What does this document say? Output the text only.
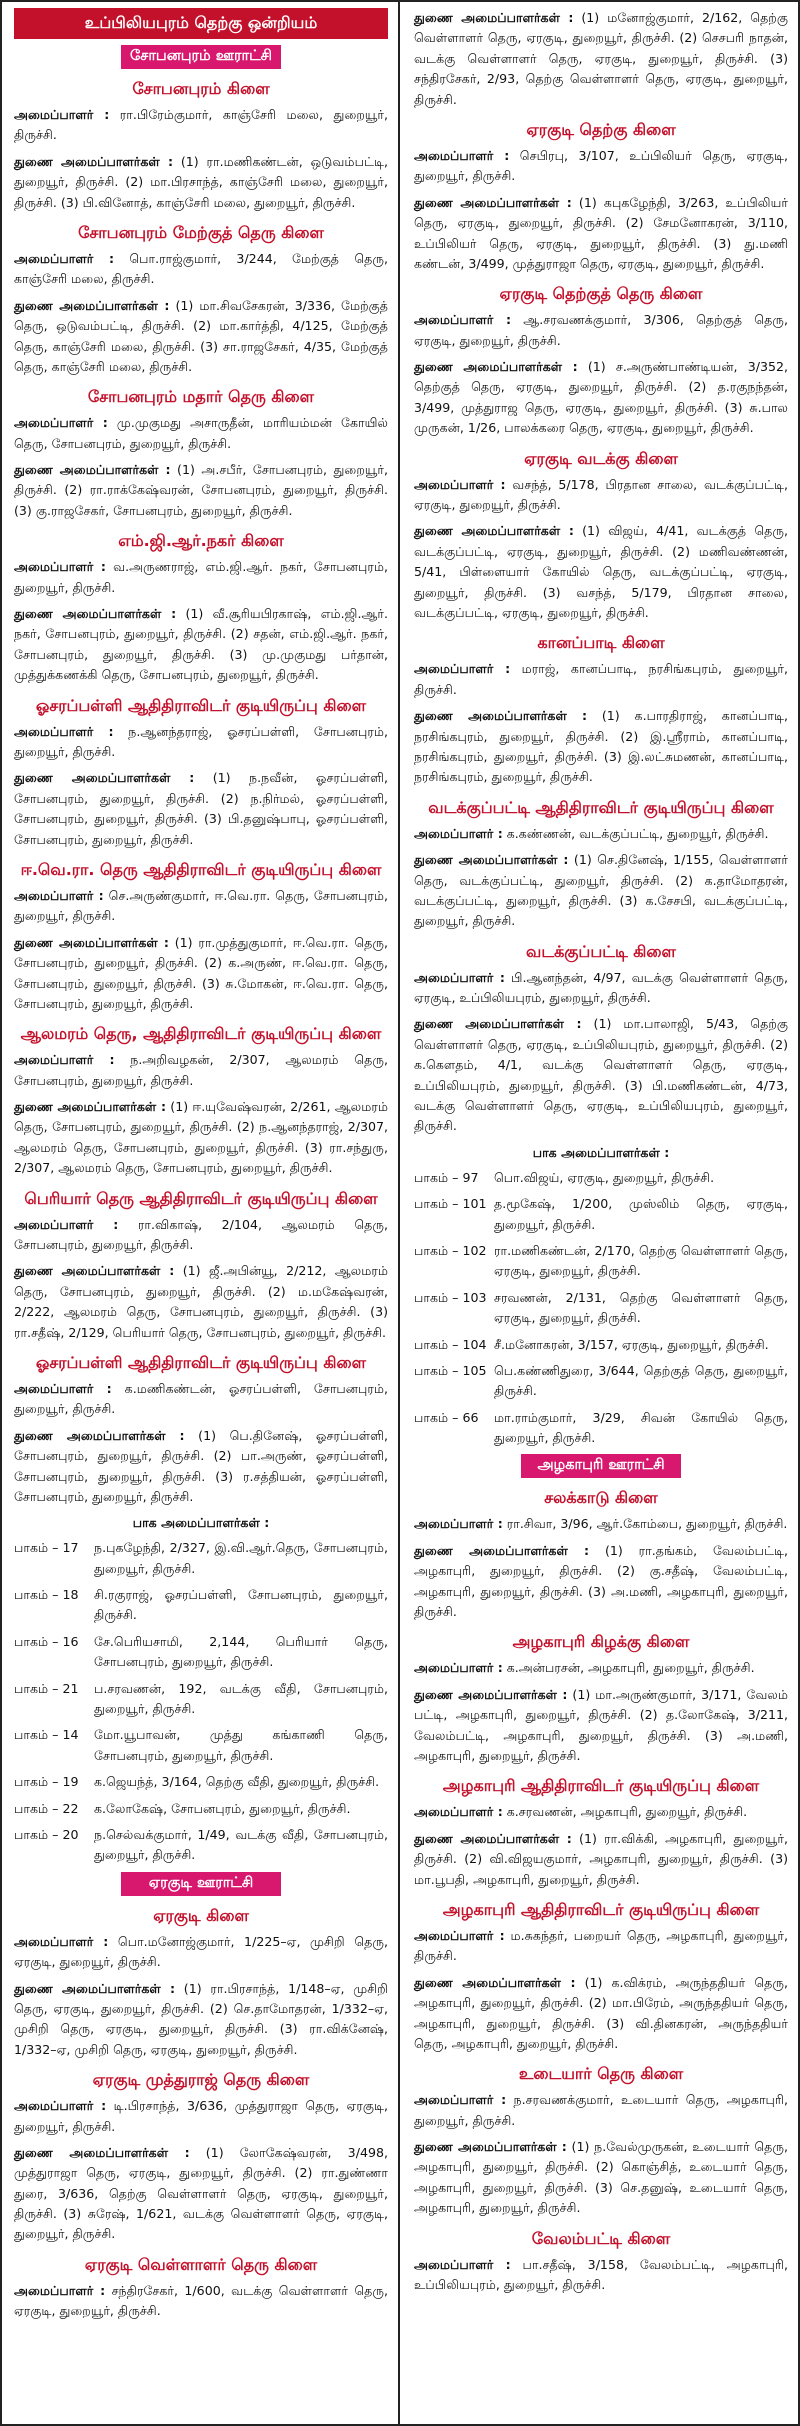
உப்பிலியபுரம் தெற்கு ஒன்றியம்
சோபனபுரம் ஊராட்சி
சோபனபுரம் கிளை
அமைப்பாளர் : ரா.பிரேம்குமார், காஞ்சேரி மலை, துறையூர், திருச்சி.
துணை அமைப்பாளர்கள் : (1) ரா.மணிகண்டன், ஒடுவம்பட்டி, துறையூர், திருச்சி. (2) மா.பிரசாந்த், காஞ்சேரி மலை, துறையூர், திருச்சி. (3) பி.வினோத், காஞ்சேரி மலை, துறையூர், திருச்சி.
சோபனபுரம் மேற்குத் தெரு கிளை
அமைப்பாளர் : பொ.ராஜ்குமார், 3/244, மேற்குத் தெரு, காஞ்சேரி மலை, திருச்சி.
துணை அமைப்பாளர்கள் : (1) மா.சிவசேகரன், 3/336, மேற்குத் தெரு, ஒடுவம்பட்டி, திருச்சி. (2) மா.கார்த்தி, 4/125, மேற்குத் தெரு, காஞ்சேரி மலை, திருச்சி. (3) சா.ராஜசேகர், 4/35, மேற்குத் தெரு, காஞ்சேரி மலை, திருச்சி.
சோபனபுரம் மதார் தெரு கிளை
அமைப்பாளர் : மு.முகுமது அசாருதீன், மாரியம்மன் கோயில் தெரு, சோபனபுரம், துறையூர், திருச்சி.
துணை அமைப்பாளர்கள் : (1) அ.சபீர், சோபனபுரம், துறையூர், திருச்சி. (2) ரா.ராக்கேஷ்வரன், சோபனபுரம், துறையூர், திருச்சி. (3) கு.ராஜசேகர், சோபனபுரம், துறையூர், திருச்சி.
எம்.ஜி.ஆர்.நகர் கிளை
அமைப்பாளர் : வ.அருணராஜ், எம்.ஜி.ஆர். நகர், சோபனபுரம், துறையூர், திருச்சி.
துணை அமைப்பாளர்கள் : (1) வீ.சூரியபிரகாஷ், எம்.ஜி.ஆர். நகர், சோபனபுரம், துறையூர், திருச்சி. (2) சதன், எம்.ஜி.ஆர். நகர், சோபனபுரம், துறையூர், திருச்சி. (3) மு.முகுமது பர்தான், முத்துக்கணக்கி தெரு, சோபனபுரம், துறையூர், திருச்சி.
ஓசரப்பள்ளி ஆதிதிராவிடர் குடியிருப்பு கிளை
அமைப்பாளர் : ந.ஆனந்தராஜ், ஓசரப்பள்ளி, சோபனபுரம், துறையூர், திருச்சி.
துணை அமைப்பாளர்கள் : (1) ந.நவீன், ஓசரப்பள்ளி, சோபனபுரம், துறையூர், திருச்சி. (2) ந.நிர்மல், ஓசரப்பள்ளி, சோபனபுரம், துறையூர், திருச்சி. (3) பி.தனுஷ்பாபு, ஓசரப்பள்ளி, சோபனபுரம், துறையூர், திருச்சி.
ஈ.வெ.ரா. தெரு ஆதிதிராவிடர் குடியிருப்பு கிளை
அமைப்பாளர் : செ.அருண்குமார், ஈ.வெ.ரா. தெரு, சோபனபுரம், துறையூர், திருச்சி.
துணை அமைப்பாளர்கள் : (1) ரா.முத்துகுமார், ஈ.வெ.ரா. தெரு, சோபனபுரம், துறையூர், திருச்சி. (2) க.அருண், ஈ.வெ.ரா. தெரு, சோபனபுரம், துறையூர், திருச்சி. (3) சு.மோகன், ஈ.வெ.ரா. தெரு, சோபனபுரம், துறையூர், திருச்சி.
ஆலமரம் தெரு, ஆதிதிராவிடர் குடியிருப்பு கிளை
அமைப்பாளர் : ந.அறிவழகன், 2/307, ஆலமரம் தெரு, சோபனபுரம், துறையூர், திருச்சி.
துணை அமைப்பாளர்கள் : (1) ஈ.யுவேஷ்வரன், 2/261, ஆலமரம் தெரு, சோபனபுரம், துறையூர், திருச்சி. (2) ந.ஆனந்தராஜ், 2/307, ஆலமரம் தெரு, சோபனபுரம், துறையூர், திருச்சி. (3) ரா.சந்துரு, 2/307, ஆலமரம் தெரு, சோபனபுரம், துறையூர், திருச்சி.
பெரியார் தெரு ஆதிதிராவிடர் குடியிருப்பு கிளை
அமைப்பாளர் : ரா.விகாஷ், 2/104, ஆலமரம் தெரு, சோபனபுரம், துறையூர், திருச்சி.
துணை அமைப்பாளர்கள் : (1) ஜீ.அபின்யூ, 2/212, ஆலமரம் தெரு, சோபனபுரம், துறையூர், திருச்சி. (2) ம.மகேஷ்வரன், 2/222, ஆலமரம் தெரு, சோபனபுரம், துறையூர், திருச்சி. (3) ரா.சதீஷ், 2/129, பெரியார் தெரு, சோபனபுரம், துறையூர், திருச்சி.
ஓசரப்பள்ளி ஆதிதிராவிடர் குடியிருப்பு கிளை
அமைப்பாளர் : க.மணிகண்டன், ஓசரப்பள்ளி, சோபனபுரம், துறையூர், திருச்சி.
துணை அமைப்பாளர்கள் : (1) பெ.தினேஷ், ஓசரப்பள்ளி, சோபனபுரம், துறையூர், திருச்சி. (2) பா.அருண், ஓசரப்பள்ளி, சோபனபுரம், துறையூர், திருச்சி. (3) ர.சத்தியன், ஓசரப்பள்ளி, சோபனபுரம், துறையூர், திருச்சி.
பாக அமைப்பாளர்கள் :
பாகம் – 17	ந.புகழேந்தி, 2/327, இ.வி.ஆர்.தெரு, சோபனபுரம், துறையூர், திருச்சி.
பாகம் – 18	சி.ரகுராஜ், ஓசரப்பள்ளி, சோபனபுரம், துறையூர், திருச்சி.
பாகம் – 16	சே.பெரியசாமி, 2,144, பெரியார் தெரு, சோபனபுரம், துறையூர், திருச்சி.
பாகம் – 21	ப.சரவணன், 192, வடக்கு வீதி, சோபனபுரம், துறையூர், திருச்சி.
பாகம் – 14	மோ.யூபாவன், முத்து கங்காணி தெரு, சோபனபுரம், துறையூர், திருச்சி.
பாகம் – 19	க.ஜெயந்த், 3/164, தெற்கு வீதி, துறையூர், திருச்சி.
பாகம் – 22	க.லோகேஷ், சோபனபுரம், துறையூர், திருச்சி.
பாகம் – 20	ந.செல்வக்குமார், 1/49, வடக்கு வீதி, சோபனபுரம், துறையூர், திருச்சி.
ஏரகுடி ஊராட்சி
ஏரகுடி கிளை
அமைப்பாளர் : பொ.மனோஜ்குமார், 1/225–ஏ, முசிறி தெரு, ஏரகுடி, துறையூர், திருச்சி.
துணை அமைப்பாளர்கள் : (1) ரா.பிரசாந்த், 1/148–ஏ, முசிறி தெரு, ஏரகுடி, துறையூர், திருச்சி. (2) செ.தாமோதரன், 1/332–ஏ, முசிறி தெரு, ஏரகுடி, துறையூர், திருச்சி. (3) ரா.விக்னேஷ், 1/332–ஏ, முசிறி தெரு, ஏரகுடி, துறையூர், திருச்சி.
ஏரகுடி முத்துராஜ் தெரு கிளை
அமைப்பாளர் : டி.பிரசாந்த், 3/636, முத்துராஜா தெரு, ஏரகுடி, துறையூர், திருச்சி.
துணை அமைப்பாளர்கள் : (1) லோகேஷ்வரன், 3/498, முத்துராஜா தெரு, ஏரகுடி, துறையூர், திருச்சி. (2) ரா.துண்ணா துரை, 3/636, தெற்கு வெள்ளாளர் தெரு, ஏரகுடி, துறையூர், திருச்சி. (3) சுரேஷ், 1/621, வடக்கு வெள்ளாளர் தெரு, ஏரகுடி, துறையூர், திருச்சி.
ஏரகுடி வெள்ளாளர் தெரு கிளை
அமைப்பாளர் : சந்திரசேகர், 1/600, வடக்கு வெள்ளாளர் தெரு, ஏரகுடி, துறையூர், திருச்சி.
துணை அமைப்பாளர்கள் : (1) மனோஜ்குமார், 2/162, தெற்கு வெள்ளாளர் தெரு, ஏரகுடி, துறையூர், திருச்சி. (2) செசபரி நாதன், வடக்கு வெள்ளாளர் தெரு, ஏரகுடி, துறையூர், திருச்சி. (3) சந்திரசேகர், 2/93, தெற்கு வெள்ளாளர் தெரு, ஏரகுடி, துறையூர், திருச்சி.
ஏரகுடி தெற்கு கிளை
அமைப்பாளர் : செபிரபு, 3/107, உப்பிலியர் தெரு, ஏரகுடி, துறையூர், திருச்சி.
துணை அமைப்பாளர்கள் : (1) கபுகழேந்தி, 3/263, உப்பிலியர் தெரு, ஏரகுடி, துறையூர், திருச்சி. (2) சேமனோகரன், 3/110, உப்பிலியர் தெரு, ஏரகுடி, துறையூர், திருச்சி. (3) து.மணி கண்டன், 3/499, முத்துராஜா தெரு, ஏரகுடி, துறையூர், திருச்சி.
ஏரகுடி தெற்குத் தெரு கிளை
அமைப்பாளர் : ஆ.சரவணக்குமார், 3/306, தெற்குத் தெரு, ஏரகுடி, துறையூர், திருச்சி.
துணை அமைப்பாளர்கள் : (1) ச.அருண்பாண்டியன், 3/352, தெற்குத் தெரு, ஏரகுடி, துறையூர், திருச்சி. (2) த.ரகுநந்தன், 3/499, முத்துராஜ தெரு, ஏரகுடி, துறையூர், திருச்சி. (3) சு.பால முருகன், 1/26, பாலக்கரை தெரு, ஏரகுடி, துறையூர், திருச்சி.
ஏரகுடி வடக்கு கிளை
அமைப்பாளர் : வசந்த், 5/178, பிரதான சாலை, வடக்குப்பட்டி, ஏரகுடி, துறையூர், திருச்சி.
துணை அமைப்பாளர்கள் : (1) விஜய், 4/41, வடக்குத் தெரு, வடக்குப்பட்டி, ஏரகுடி, துறையூர், திருச்சி. (2) மணிவண்ணன், 5/41, பிள்ளையார் கோயில் தெரு, வடக்குப்பட்டி, ஏரகுடி, துறையூர், திருச்சி. (3) வசந்த், 5/179, பிரதான சாலை, வடக்குப்பட்டி, ஏரகுடி, துறையூர், திருச்சி.
கானப்பாடி கிளை
அமைப்பாளர் : மராஜ், கானப்பாடி, நரசிங்கபுரம், துறையூர், திருச்சி.
துணை அமைப்பாளர்கள் : (1) க.பாரதிராஜ், கானப்பாடி, நரசிங்கபுரம், துறையூர், திருச்சி. (2) இ.ஸ்ரீராம், கானப்பாடி, நரசிங்கபுரம், துறையூர், திருச்சி. (3) இ.லட்சுமணன், கானப்பாடி, நரசிங்கபுரம், துறையூர், திருச்சி.
வடக்குப்பட்டி ஆதிதிராவிடர் குடியிருப்பு கிளை
அமைப்பாளர் : க.கண்ணன், வடக்குப்பட்டி, துறையூர், திருச்சி.
துணை அமைப்பாளர்கள் : (1) செ.தினேஷ், 1/155, வெள்ளாளர் தெரு, வடக்குப்பட்டி, துறையூர், திருச்சி. (2) க.தாமோதரன், வடக்குப்பட்டி, துறையூர், திருச்சி. (3) க.சேசபி, வடக்குப்பட்டி, துறையூர், திருச்சி.
வடக்குப்பட்டி கிளை
அமைப்பாளர் : பி.ஆனந்தன், 4/97, வடக்கு வெள்ளாளர் தெரு, ஏரகுடி, உப்பிலியபுரம், துறையூர், திருச்சி.
துணை அமைப்பாளர்கள் : (1) மா.பாலாஜி, 5/43, தெற்கு வெள்ளாளர் தெரு, ஏரகுடி, உப்பிலியபுரம், துறையூர், திருச்சி. (2) க.கௌதம், 4/1, வடக்கு வெள்ளாளர் தெரு, ஏரகுடி, உப்பிலியபுரம், துறையூர், திருச்சி. (3) பி.மணிகண்டன், 4/73, வடக்கு வெள்ளாளர் தெரு, ஏரகுடி, உப்பிலியபுரம், துறையூர், திருச்சி.
பாக அமைப்பாளர்கள் :
பாகம் – 97	பொ.விஜய், ஏரகுடி, துறையூர், திருச்சி.
பாகம் – 101 த.மூகேஷ், 1/200, முஸ்லிம் தெரு, ஏரகுடி, துறையூர், திருச்சி.
பாகம் – 102 ரா.மணிகண்டன், 2/170, தெற்கு வெள்ளாளர் தெரு, ஏரகுடி, துறையூர், திருச்சி.
பாகம் – 103 சரவணன், 2/131, தெற்கு வெள்ளாளர் தெரு, ஏரகுடி, துறையூர், திருச்சி.
பாகம் – 104 சீ.மனோகரன், 3/157, ஏரகுடி, துறையூர், திருச்சி.
பாகம் – 105 பெ.கண்ணிதுரை, 3/644, தெற்குத் தெரு, துறையூர், திருச்சி.
பாகம் – 66	மா.ராம்குமார், 3/29, சிவன் கோயில் தெரு, துறையூர், திருச்சி.
அழகாபுரி ஊராட்சி
சலக்காடு கிளை
அமைப்பாளர் : ரா.சிவா, 3/96, ஆர்.கோம்பை, துறையூர், திருச்சி.
துணை அமைப்பாளர்கள் : (1) ரா.தங்கம், வேலம்பட்டி, அழகாபுரி, துறையூர், திருச்சி. (2) கு.சதீஷ், வேலம்பட்டி, அழகாபுரி, துறையூர், திருச்சி. (3) அ.மணி, அழகாபுரி, துறையூர், திருச்சி.
அழகாபுரி கிழக்கு கிளை
அமைப்பாளர் : க.அன்பரசன், அழகாபுரி, துறையூர், திருச்சி.
துணை அமைப்பாளர்கள் : (1) மா.அருண்குமார், 3/171, வேலம் பட்டி, அழகாபுரி, துறையூர், திருச்சி. (2) த.லோகேஷ், 3/211, வேலம்பட்டி, அழகாபுரி, துறையூர், திருச்சி. (3) அ.மணி, அழகாபுரி, துறையூர், திருச்சி.
அழகாபுரி ஆதிதிராவிடர் குடியிருப்பு கிளை
அமைப்பாளர் : க.சரவணன், அழகாபுரி, துறையூர், திருச்சி.
துணை அமைப்பாளர்கள் : (1) ரா.விக்கி, அழகாபுரி, துறையூர், திருச்சி. (2) வி.விஜயகுமார், அழகாபுரி, துறையூர், திருச்சி. (3) மா.பூபதி, அழகாபுரி, துறையூர், திருச்சி.
அழகாபுரி ஆதிதிராவிடர் குடியிருப்பு கிளை
அமைப்பாளர் : ம.சுகந்தர், பறையர் தெரு, அழகாபுரி, துறையூர், திருச்சி.
துணை அமைப்பாளர்கள் : (1) க.விக்ரம், அருந்ததியர் தெரு, அழகாபுரி, துறையூர், திருச்சி. (2) மா.பிரேம், அருந்ததியர் தெரு, அழகாபுரி, துறையூர், திருச்சி. (3) வி.தினகரன், அருந்ததியர் தெரு, அழகாபுரி, துறையூர், திருச்சி.
உடையார் தெரு கிளை
அமைப்பாளர் : ந.சரவணக்குமார், உடையார் தெரு, அழகாபுரி, துறையூர், திருச்சி.
துணை அமைப்பாளர்கள் : (1) ந.வேல்முருகன், உடையார் தெரு, அழகாபுரி, துறையூர், திருச்சி. (2) கொஞ்சித், உடையார் தெரு, அழகாபுரி, துறையூர், திருச்சி. (3) செ.தனுஷ், உடையார் தெரு, அழகாபுரி, துறையூர், திருச்சி.
வேலம்பட்டி கிளை
அமைப்பாளர் : பா.சதீஷ், 3/158, வேலம்பட்டி, அழகாபுரி, உப்பிலியபுரம், துறையூர், திருச்சி.
